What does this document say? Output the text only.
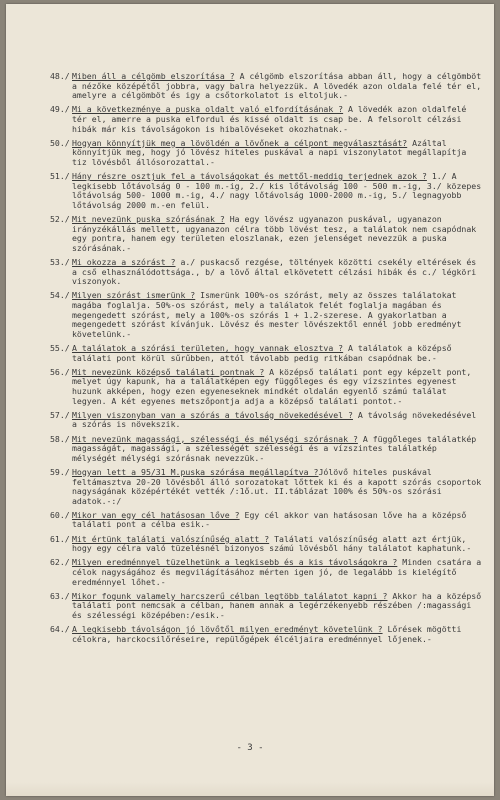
48./ Miben áll a célgömb elszorítása ? A célgömb elszorítása abban áll, hogy a célgömböt a nézőke középétől jobbra, vagy balra helyezzük. A lövedék azon oldala felé tér el, amelyre a célgömböt és igy a csőtorkolatot is eltoljuk.-
49./ Mi a következménye a puska oldalt való elfordításának ? A lövedék azon oldalfelé tér el, amerre a puska elfordul és kissé oldalt is csap be. A felsorolt célzási hibák már kis távolságokon is hibalövéseket okozhatnak.-
50./ Hogyan könnyítjük meg a lövöldén a lövőnek a célpont megválasztását? Azáltal könnyítjük meg, hogy jó lövész hiteles puskával a napi viszonylatot megállapítja tiz lövésből állósorozattal.-
51./ Hány részre osztjuk fel a távolságokat és mettől-meddig terjednek azok ? 1./ A legkisebb lőtávolság 0 - 100 m.-ig, 2./ kis lőtávolság 100 - 500 m.-ig, 3./ közepes lőtávolság 500- 1000 m.-ig, 4./ nagy lőtávolság 1000-2000 m.-ig, 5./ legnagyobb lőtávolság 2000 m.-en felül.
52./ Mit nevezünk puska szórásának ? Ha egy lövész ugyanazon puskával, ugyanazon irányzékállás mellett, ugyanazon célra több lövést tesz, a találatok nem csapódnak egy pontra, hanem egy területen eloszlanak, ezen jelenséget nevezzük a puska szórásának.-
53./ Mi okozza a szórást ? a./ puskacső rezgése, töltények közötti csekély eltérések és a cső elhasználódottsága., b/ a lövő által elkövetett célzási hibák és c./ légköri viszonyok.
54./ Milyen szórást ismerünk ? Ismerünk 100%-os szórást, mely az összes találatokat magába foglalja. 50%-os szórást, mely a találatok felét foglalja magában és megengedett szórást, mely a 100%-os szórás 1 + 1.2-szerese. A gyakorlatban a megengedett szórást kívánjuk. Lövész és mester lövészektől ennél jobb eredményt követelünk.-
55./ A találatok a szórási területen, hogy vannak elosztva ? A találatok a középső találati pont körül sűrűbben, attól távolabb pedig ritkában csapódnak be.-
56./ Mit nevezünk középső találati pontnak ? A középső találati pont egy képzelt pont, melyet úgy kapunk, ha a találatképen egy függőleges és egy vízszintes egyenest huzunk akképen, hogy ezen egyeneseknek mindkét oldalán egyenlő számú találat legyen. A két egyenes metszőpontja adja a középső találati pontot.-
57./ Milyen viszonyban van a szórás a távolság növekedésével ? A távolság növekedésével a szórás is növekszik.
58./ Mit nevezünk magassági, szélességi és mélységi szórásnak ? A függőleges találatkép magasságát, magassági, a szélességét szélességi és a vízszintes találatkép mélységét mélységi szórásnak nevezzük.-
59./ Hogyan lett a 95/31 M.puska szórása megállapítva ?Jólövő hiteles puskával feltámasztva 20-20 lövésből álló sorozatokat lőttek ki és a kapott szórás csoportok nagyságának középértékét vették /:1ő.ut. II.táblázat 100% és 50%-os szórási adatok.-:/
60./ Mikor van egy cél hatásosan lőve ? Egy cél akkor van hatásosan lőve ha a középső találati pont a célba esik.-
61./ Mit értünk találati valószínűség alatt ? Találati valószínűség alatt azt értjük, hogy egy célra való tüzelésnél bizonyos számú lövésből hány találatot kaphatunk.-
62./ Milyen eredménnyel tüzelhetünk a legkisebb és a kis távolságokra ? Minden csatára a célok nagyságához és megvilágításához mérten igen jó, de legalább is kielégítő eredménnyel lőhet.-
63./ Mikor fogunk valamely harcszerű célban legtöbb találatot kapni ? Akkor ha a középső találati pont nemcsak a célban, hanem annak a legérzékenyebb részében /:magassági és szélességi középében:/esik.-
64./ A legkisebb távolságon jó lövőtől milyen eredményt követelünk ? Lőrések mögötti célokra, harckocsilőréseire, repülőgépek élcéljaira eredménnyel lőjenek.-
- 3 -
